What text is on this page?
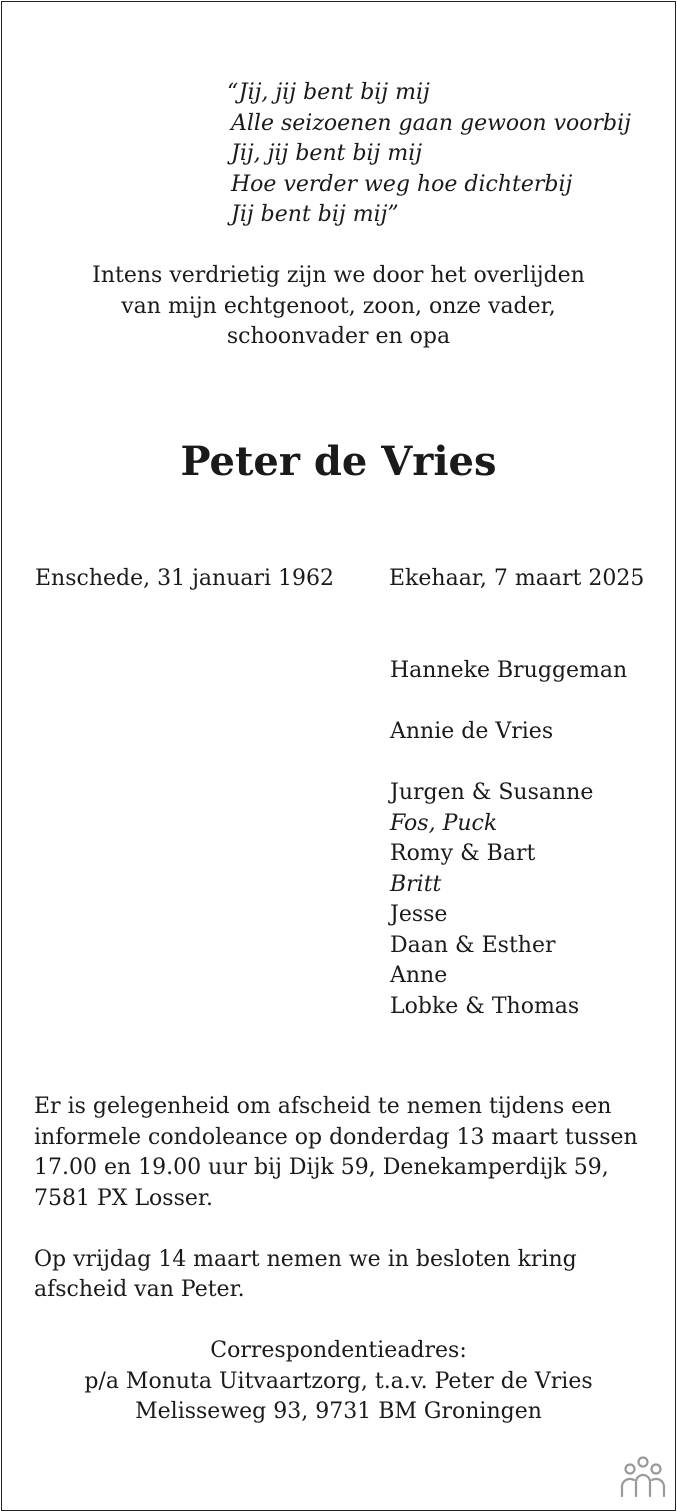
“Jij, jij bent bij mij
Alle seizoenen gaan gewoon voorbij
Jij, jij bent bij mij
Hoe verder weg hoe dichterbij
Jij bent bij mij”
Intens verdrietig zijn we door het overlijden
van mijn echtgenoot, zoon, onze vader,
schoonvader en opa
Peter de Vries
Enschede, 31 januari 1962 Ekehaar, 7 maart 2025
Hanneke Bruggeman
Annie de Vries
Jurgen & Susanne
Fos, Puck
Romy & Bart
Britt
Jesse
Daan & Esther
Anne
Lobke & Thomas
Er is gelegenheid om afscheid te nemen tijdens een
informele condoleance op donderdag 13 maart tussen
17.00 en 19.00 uur bij Dijk 59, Denekamperdijk 59,
7581 PX Losser.
Op vrijdag 14 maart nemen we in besloten kring
afscheid van Peter.
Correspondentieadres:
p/a Monuta Uitvaartzorg, t.a.v. Peter de Vries
Melisseweg 93, 9731 BM Groningen
